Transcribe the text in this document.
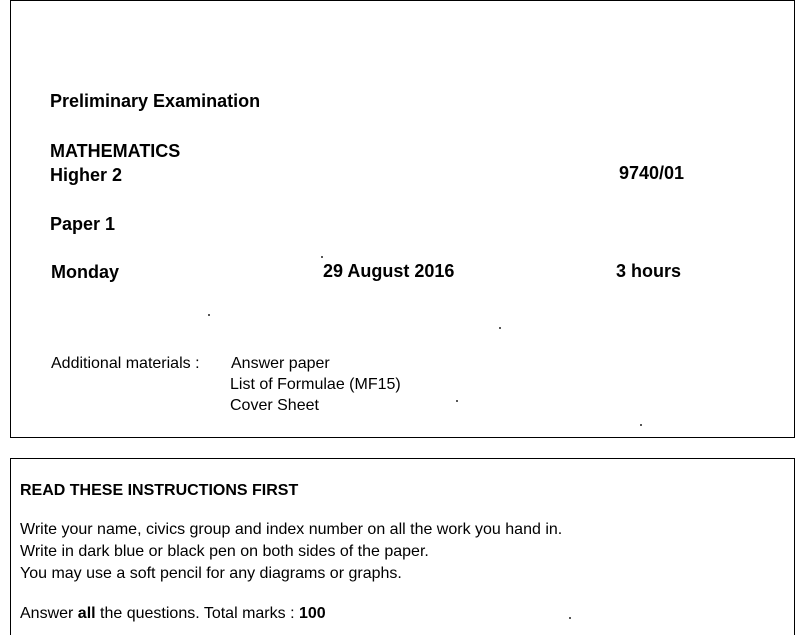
Preliminary Examination
MATHEMATICS
Higher 2	9740/01
Paper 1
Monday	29 August 2016	3 hours
Additional materials : Answer paper
List of Formulae (MF15)
Cover Sheet
READ THESE INSTRUCTIONS FIRST
Write your name, civics group and index number on all the work you hand in.
Write in dark blue or black pen on both sides of the paper.
You may use a soft pencil for any diagrams or graphs.
Answer all the questions. Total marks : 100
